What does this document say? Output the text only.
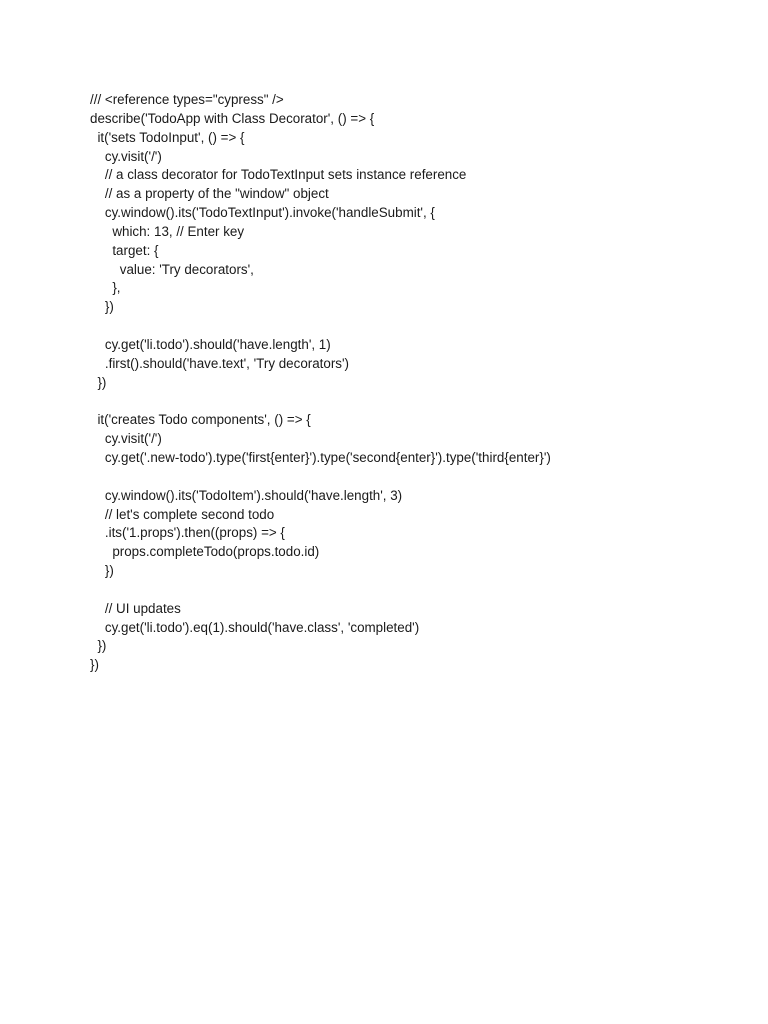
/// <reference types="cypress" />
describe('TodoApp with Class Decorator', () => {
it('sets TodoInput', () => {
cy.visit('/')
// a class decorator for TodoTextInput sets instance reference
// as a property of the "window" object
cy.window().its('TodoTextInput').invoke('handleSubmit', {
which: 13, // Enter key
target: {
value: 'Try decorators',
},
})
cy.get('li.todo').should('have.length', 1)
.first().should('have.text', 'Try decorators')
})
it('creates Todo components', () => {
cy.visit('/')
cy.get('.new-todo').type('first{enter}').type('second{enter}').type('third{enter}')
cy.window().its('TodoItem').should('have.length', 3)
// let's complete second todo
.its('1.props').then((props) => {
props.completeTodo(props.todo.id)
})
// UI updates
cy.get('li.todo').eq(1).should('have.class', 'completed')
})
})
